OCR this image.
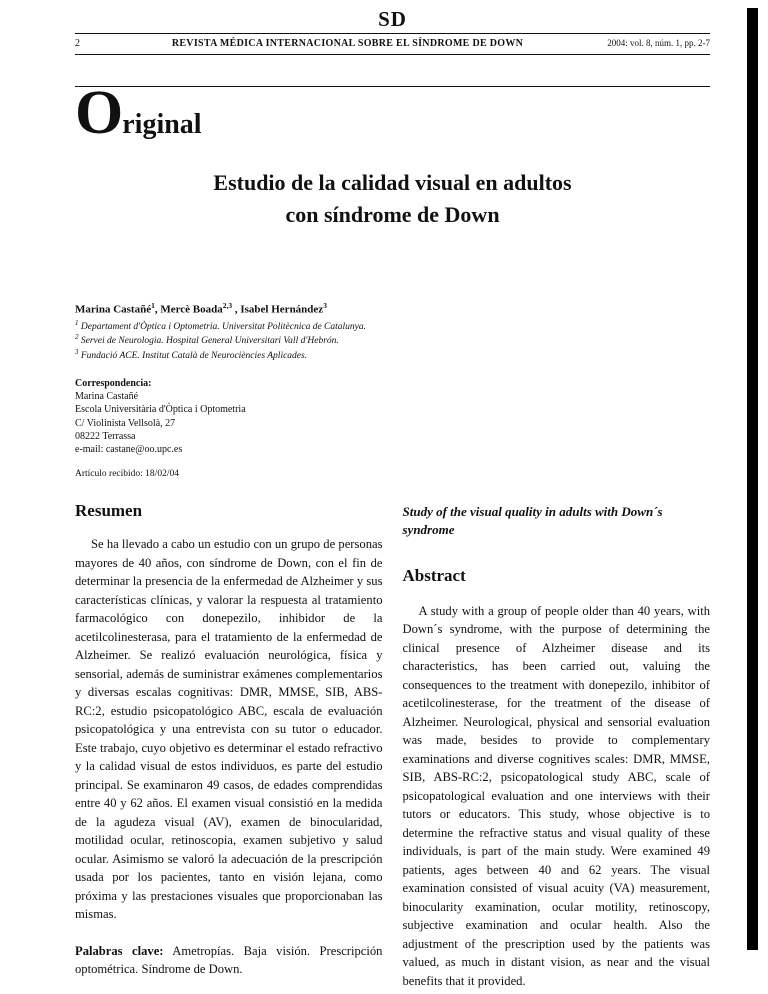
SD
2	REVISTA MÉDICA INTERNACIONAL SOBRE EL SÍNDROME DE DOWN	2004: vol. 8, núm. 1, pp. 2-7
Original
Estudio de la calidad visual en adultos
con síndrome de Down

Marina Castañé$^1$, Mercè Boada$^{2,3}$ , Isabel Hernández$^3$

$^1$ Departament d'Òptica i Optometria. Universitat Politècnica de Catalunya.
$^2$ Servei de Neurologia. Hospital General Universitari Vall d'Hebrón.
$^3$ Fundació ACE. Institut Català de Neurociències Aplicades.
Correspondencia:
Marina Castañé
Escola Universitària d'Òptica i Optometria
C/ Violinista Vellsolà, 27
08222 Terrassa
e-mail: castane@oo.upc.es
Artículo recibido: 18/02/04
Resumen

Se ha llevado a cabo un estudio con un grupo de personas mayores de 40 años, con síndrome de Down, con el fin de determinar la presencia de la enfermedad de Alzheimer y sus características clínicas, y valorar la respuesta al tratamiento farmacológico con donepezilo, inhibidor de la acetilcolinesterasa, para el tratamiento de la enfermedad de Alzheimer. Se realizó evaluación neurológica, física y sensorial, además de suministrar exámenes complementarios y diversas escalas cognitivas: DMR, MMSE, SIB, ABS-RC:2, estudio psicopatológico ABC, escala de evaluación psicopatológica y una entrevista con su tutor o educador. Este trabajo, cuyo objetivo es determinar el estado refractivo y la calidad visual de estos individuos, es parte del estudio principal. Se examinaron 49 casos, de edades comprendidas entre 40 y 62 años. El examen visual consistió en la medida de la agudeza visual (AV), examen de binocularidad, motilidad ocular, retinoscopia, examen subjetivo y salud ocular. Asimismo se valoró la adecuación de la prescripción usada por los pacientes, tanto en visión lejana, como próxima y las prestaciones visuales que proporcionaban las mismas.

Palabras clave: Ametropías. Baja visión. Prescripción optométrica. Síndrome de Down.

Study of the visual quality in adults with Down´s syndrome

Abstract

A study with a group of people older than 40 years, with Down´s syndrome, with the purpose of determining the clinical presence of Alzheimer disease and its characteristics, has been carried out, valuing the consequences to the treatment with donepezilo, inhibitor of acetilcolinesterase, for the treatment of the disease of Alzheimer. Neurological, physical and sensorial evaluation was made, besides to provide to complementary examinations and diverse cognitives scales: DMR, MMSE, SIB, ABS-RC:2, psicopatological study ABC, scale of psicopatological evaluation and one interviews with their tutors or educators. This study, whose objective is to determine the refractive status and visual quality of these individuals, is part of the main study. Were examined 49 patients, ages between 40 and 62 years. The visual examination consisted of visual acuity (VA) measurement, binocularity examination, ocular motility, retinoscopy, subjective examination and ocular health. Also the adjustment of the prescription used by the patients was valued, as much in distant vision, as near and the visual benefits that it provided.
